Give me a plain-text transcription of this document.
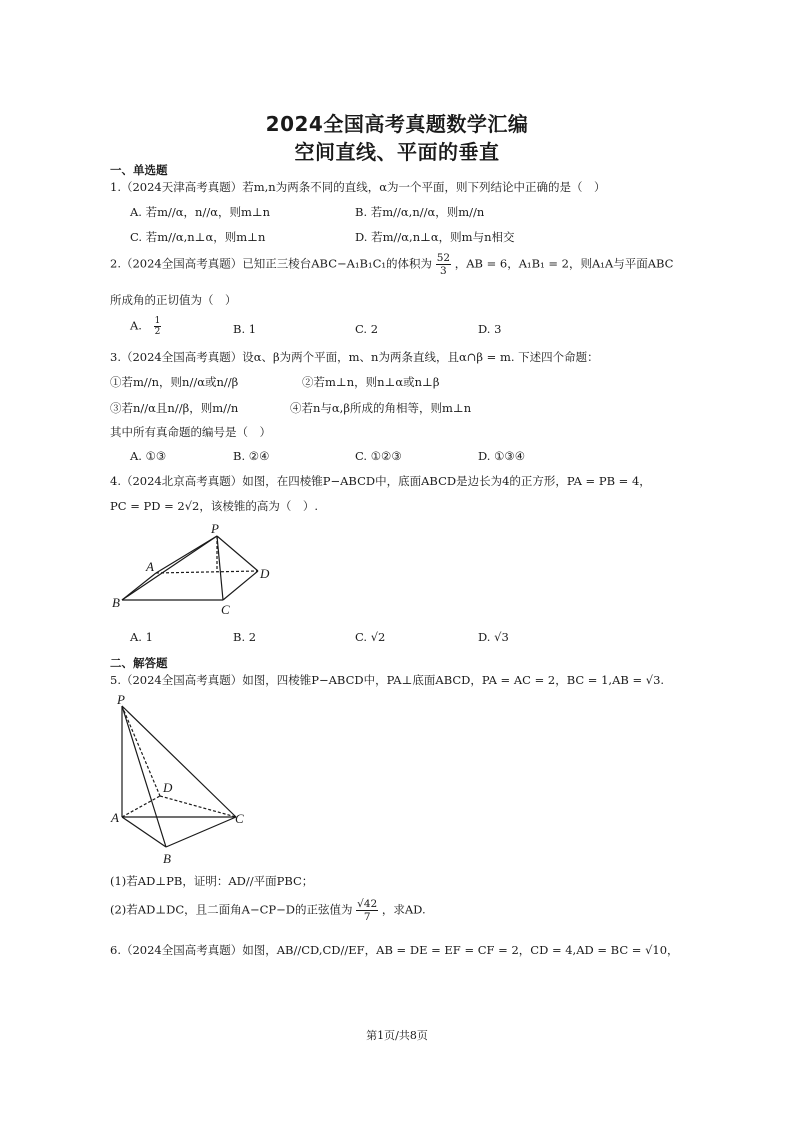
2024全国高考真题数学汇编
空间直线、平面的垂直
一、单选题
1.（2024天津高考真题）若m,n为两条不同的直线，α为一个平面，则下列结论中正确的是（　）
A. 若m//α，n//α，则m⊥n	B. 若m//α,n//α，则m//n
C. 若m//α,n⊥α，则m⊥n	D. 若m//α,n⊥α，则m与n相交
2.（2024全国高考真题）已知正三棱台ABC−A₁B₁C₁的体积为 $\frac{52}{3}$ ，AB = 6，A₁B₁ = 2，则A₁A与平面ABC
所成角的正切值为（　）
A. $\frac{1}{2}$	B. 1	C. 2	D. 3
3.（2024全国高考真题）设α、β为两个平面，m、n为两条直线，且α∩β = m. 下述四个命题：
①若m//n，则n//α或n//β	②若m⊥n，则n⊥α或n⊥β
③若n//α且n//β，则m//n	④若n与α,β所成的角相等，则m⊥n
其中所有真命题的编号是（　）
A. ①③	B. ②④	C. ①②③	D. ①③④
4.（2024北京高考真题）如图，在四棱锥P−ABCD中，底面ABCD是边长为4的正方形，PA = PB = 4，
PC = PD = 2√2，该棱锥的高为（　）.
P
A
B	C
D
A. 1	B. 2	C. √2	D. √3
二、解答题
5.（2024全国高考真题）如图，四棱锥P−ABCD中，PA⊥底面ABCD，PA = AC = 2，BC = 1,AB = √3.
P
D
A	C
B
(1)若AD⊥PB，证明：AD//平面PBC；
(2)若AD⊥DC，且二面角A−CP−D的正弦值为 $\frac{√42}{7}$ ，求AD.
6.（2024全国高考真题）如图，AB//CD,CD//EF，AB = DE = EF = CF = 2，CD = 4,AD = BC = √10，
第1页/共8页
